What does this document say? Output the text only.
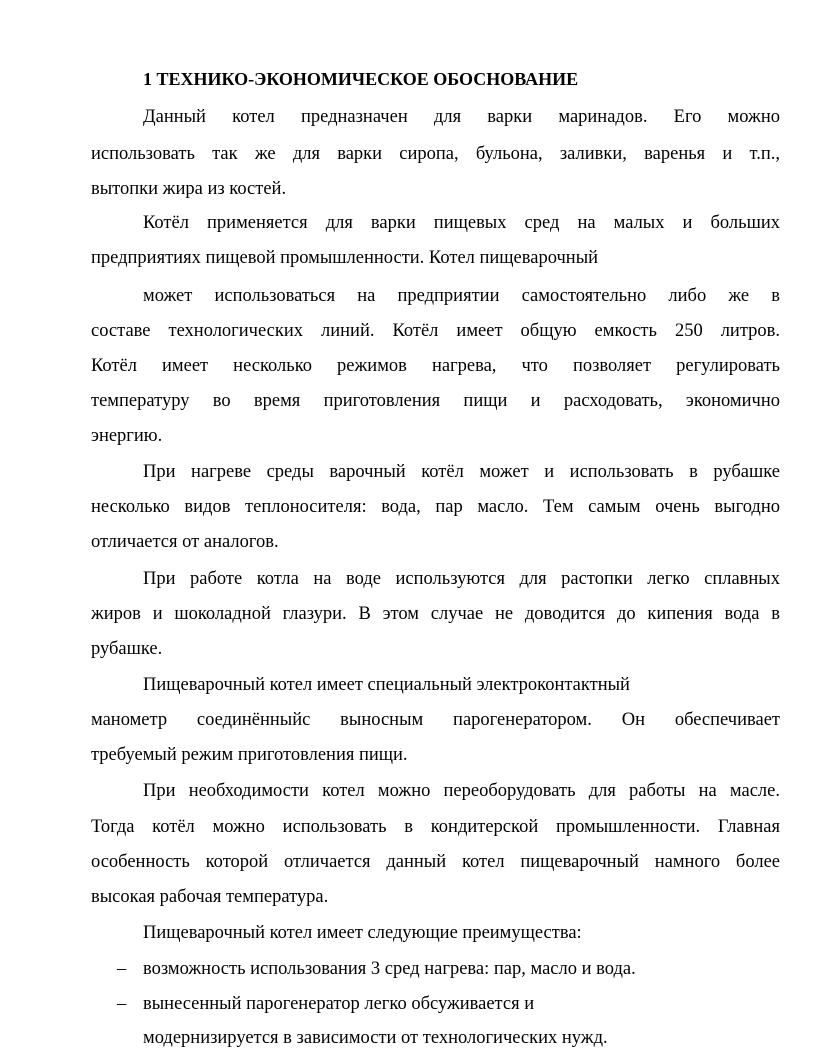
1 ТЕХНИКО-ЭКОНОМИЧЕСКОЕ ОБОСНОВАНИЕ
Данный котел предназначен для варки маринадов. Его можно
использовать так же для варки сиропа, бульона, заливки, варенья и т.п.,
вытопки жира из костей.
Котёл применяется для варки пищевых сред на малых и больших
предприятиях пищевой промышленности. Котел пищеварочный
может использоваться на предприятии самостоятельно либо же в
составе технологических линий. Котёл имеет общую емкость 250 литров.
Котёл имеет несколько режимов нагрева, что позволяет регулировать
температуру во время приготовления пищи и расходовать, экономично
энергию.
При нагреве среды варочный котёл может и использовать в рубашке
несколько видов теплоносителя: вода, пар масло. Тем самым очень выгодно
отличается от аналогов.
При работе котла на воде используются для растопки легко сплавных
жиров и шоколадной глазури. В этом случае не доводится до кипения вода в
рубашке.
Пищеварочный котел имеет специальный электроконтактный
манометр соединённыйс выносным парогенератором. Он обеспечивает
требуемый режим приготовления пищи.
При необходимости котел можно переоборудовать для работы на масле.
Тогда котёл можно использовать в кондитерской промышленности. Главная
особенность которой отличается данный котел пищеварочный намного более
высокая рабочая температура.
Пищеварочный котел имеет следующие преимущества:
– возможность использования 3 сред нагрева: пар, масло и вода.
– вынесенный парогенератор легко обсуживается и
модернизируется в зависимости от технологических нужд.
